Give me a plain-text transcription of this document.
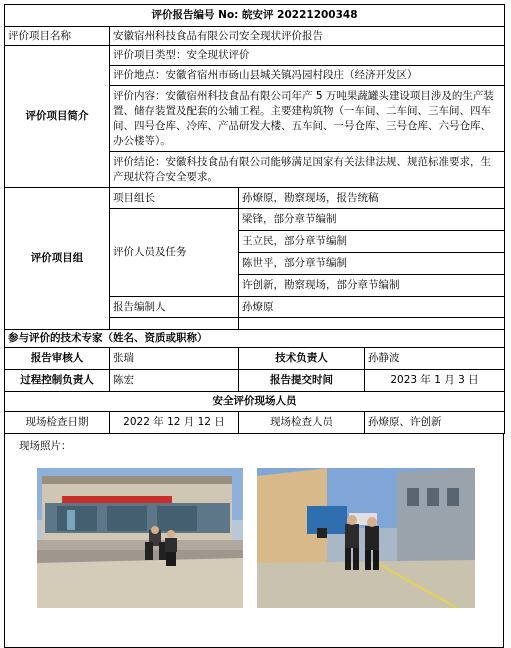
评价报告编号 No: 皖安评 20221200348			
评价项目名称	安徽宿州科技食品有限公司安全现状评价报告		
评价项目简介	评价项目类型：安全现状评价		
	评价地点：安徽省宿州市砀山县城关镇冯园村段庄（经济开发区）		
	评价内容：安徽宿州科技食品有限公司年产 5 万吨果蔬罐头建设项目涉及的生产装置、储存装置及配套的公辅工程。主要建构筑物（一车间、二车间、三车间、四车间、四号仓库、冷库、产品研发大楼、五车间、一号仓库、三号仓库、六号仓库、办公楼等）。		
	评价结论：安徽科技食品有限公司能够满足国家有关法律法规、规范标准要求，生产现状符合安全要求。		
评价项目组	项目组长	孙燎原，勘察现场，报告统稿	
	评价人员及任务	梁锋，部分章节编制	
		王立民，部分章节编制	
		陈世平，部分章节编制	
		许创新，勘察现场，部分章节编制	
	报告编制人	孙燎原	

参与评价的技术专家（姓名、资质或职称）			
报告审核人	张瑞	技术负责人	孙静波
过程控制负责人	陈宏	报告提交时间	2023 年 1 月 3 日
安全评价现场人员			
现场检查日期	2022 年 12 月 12 日	现场检查人员	孙燎原、许创新
现场照片：
